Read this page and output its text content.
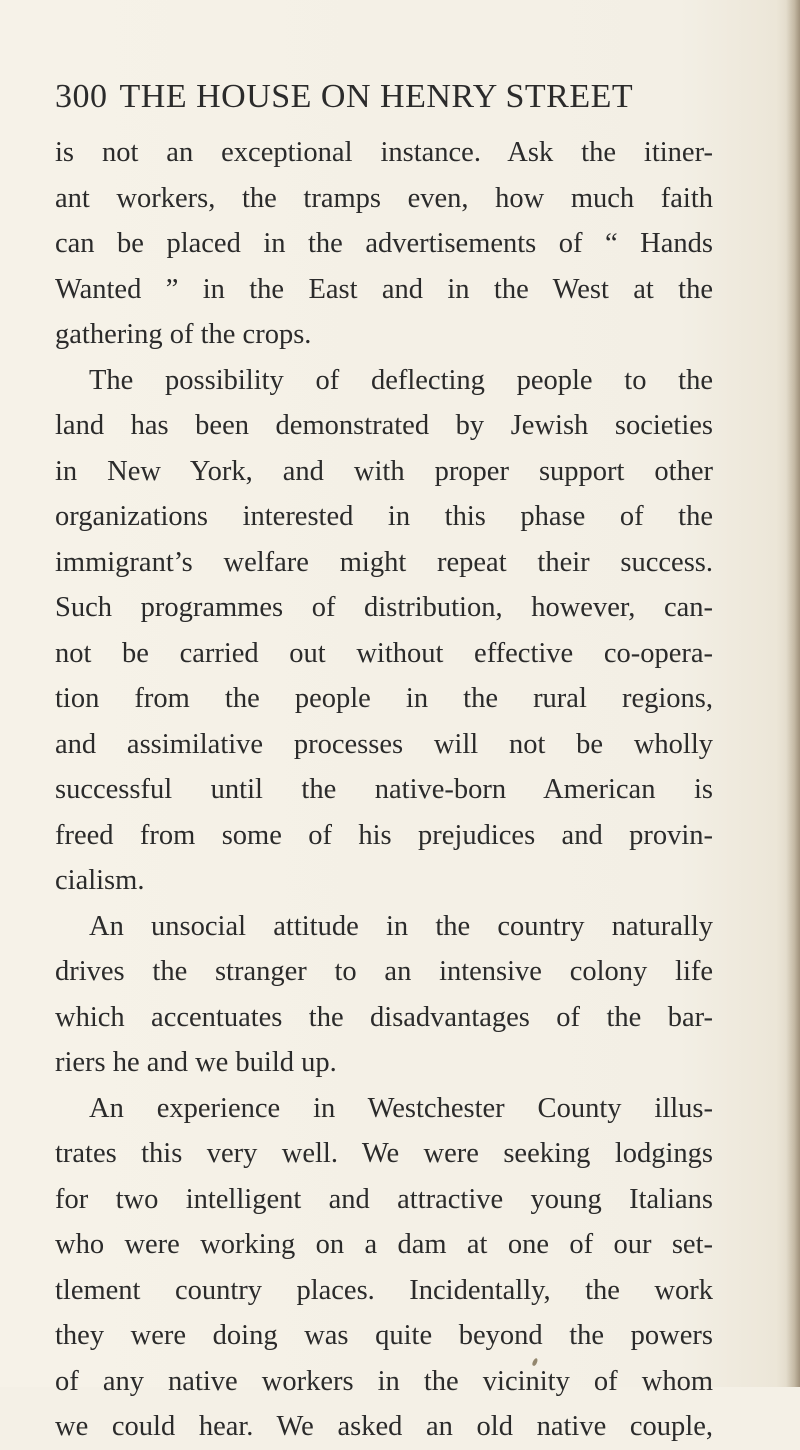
300 THE HOUSE ON HENRY STREET
is not an exceptional instance. Ask the itiner-
ant workers, the tramps even, how much faith
can be placed in the advertisements of “ Hands
Wanted ” in the East and in the West at the
gathering of the crops.
The possibility of deflecting people to the
land has been demonstrated by Jewish societies
in New York, and with proper support other
organizations interested in this phase of the
immigrant’s welfare might repeat their success.
Such programmes of distribution, however, can-
not be carried out without effective co-opera-
tion from the people in the rural regions,
and assimilative processes will not be wholly
successful until the native-born American is
freed from some of his prejudices and provin-
cialism.
An unsocial attitude in the country naturally
drives the stranger to an intensive colony life
which accentuates the disadvantages of the bar-
riers he and we build up.
An experience in Westchester County illus-
trates this very well. We were seeking lodgings
for two intelligent and attractive young Italians
who were working on a dam at one of our set-
tlement country places. Incidentally, the work
they were doing was quite beyond the powers
of any native workers in the vicinity of whom
we could hear. We asked an old native couple,
